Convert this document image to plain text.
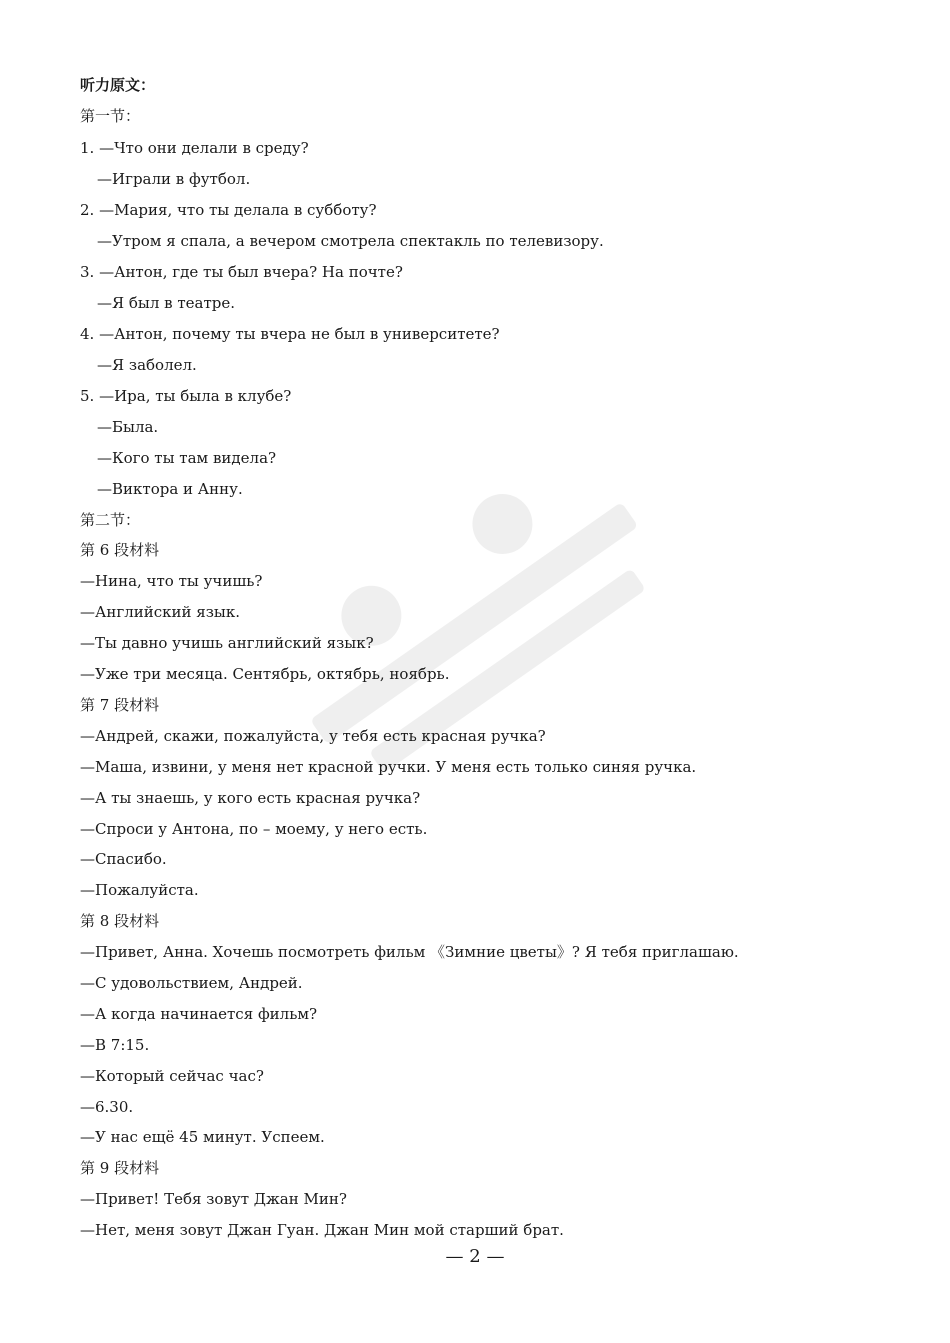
听力原文：
第一节：
1. —Что они делали в среду?
—Играли в футбол.
2. —Мария, что ты делала в субботу?
—Утром я спала, а вечером смотрела спектакль по телевизору.
3. —Антон, где ты был вчера? На почте?
—Я был в театре.
4. —Антон, почему ты вчера не был в университете?
—Я заболел.
5. —Ира, ты была в клубе?
—Была.
—Кого ты там видела?
—Виктора и Анну.
第二节：
第 6 段材料
—Нина, что ты учишь?
—Английский язык.
—Ты давно учишь английский язык?
—Уже три месяца. Сентябрь, октябрь, ноябрь.
第 7 段材料
—Андрей, скажи, пожалуйста, у тебя есть красная ручка?
—Маша, извини, у меня нет красной ручки. У меня есть только синяя ручка.
—А ты знаешь, у кого есть красная ручка?
—Спроси у Антона, по – моему, у него есть.
—Спасибо.
—Пожалуйста.
第 8 段材料
—Привет, Анна. Хочешь посмотреть фильм 《Зимние цветы》? Я тебя приглашаю.
—С удовольствием, Андрей.
—А когда начинается фильм?
—В 7:15.
—Который сейчас час?
—6.30.
—У нас ещё 45 минут. Успеем.
第 9 段材料
—Привет! Тебя зовут Джан Мин?
—Нет, меня зовут Джан Гуан. Джан Мин мой старший брат.
— 2 —
